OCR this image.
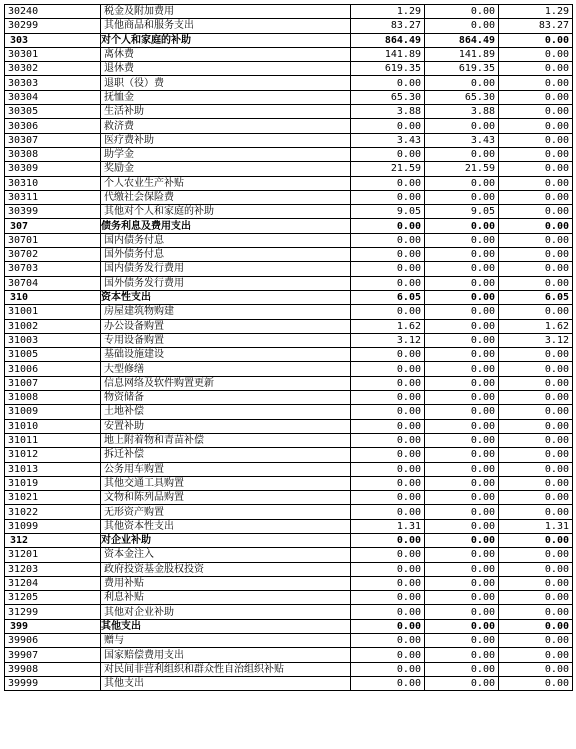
30240	税金及附加费用	1.29	0.00	1.29
30299	其他商品和服务支出	83.27	0.00	83.27
303	对个人和家庭的补助	864.49	864.49	0.00
30301	离休费	141.89	141.89	0.00
30302	退休费	619.35	619.35	0.00
30303	退职（役）费	0.00	0.00	0.00
30304	抚恤金	65.30	65.30	0.00
30305	生活补助	3.88	3.88	0.00
30306	救济费	0.00	0.00	0.00
30307	医疗费补助	3.43	3.43	0.00
30308	助学金	0.00	0.00	0.00
30309	奖励金	21.59	21.59	0.00
30310	个人农业生产补贴	0.00	0.00	0.00
30311	代缴社会保险费	0.00	0.00	0.00
30399	其他对个人和家庭的补助	9.05	9.05	0.00
307	债务利息及费用支出	0.00	0.00	0.00
30701	国内债务付息	0.00	0.00	0.00
30702	国外债务付息	0.00	0.00	0.00
30703	国内债务发行费用	0.00	0.00	0.00
30704	国外债务发行费用	0.00	0.00	0.00
310	资本性支出	6.05	0.00	6.05
31001	房屋建筑物购建	0.00	0.00	0.00
31002	办公设备购置	1.62	0.00	1.62
31003	专用设备购置	3.12	0.00	3.12
31005	基础设施建设	0.00	0.00	0.00
31006	大型修缮	0.00	0.00	0.00
31007	信息网络及软件购置更新	0.00	0.00	0.00
31008	物资储备	0.00	0.00	0.00
31009	土地补偿	0.00	0.00	0.00
31010	安置补助	0.00	0.00	0.00
31011	地上附着物和青苗补偿	0.00	0.00	0.00
31012	拆迁补偿	0.00	0.00	0.00
31013	公务用车购置	0.00	0.00	0.00
31019	其他交通工具购置	0.00	0.00	0.00
31021	文物和陈列品购置	0.00	0.00	0.00
31022	无形资产购置	0.00	0.00	0.00
31099	其他资本性支出	1.31	0.00	1.31
312	对企业补助	0.00	0.00	0.00
31201	资本金注入	0.00	0.00	0.00
31203	政府投资基金股权投资	0.00	0.00	0.00
31204	费用补贴	0.00	0.00	0.00
31205	利息补贴	0.00	0.00	0.00
31299	其他对企业补助	0.00	0.00	0.00
399	其他支出	0.00	0.00	0.00
39906	赠与	0.00	0.00	0.00
39907	国家赔偿费用支出	0.00	0.00	0.00
39908	对民间非营利组织和群众性自治组织补贴	0.00	0.00	0.00
39999	其他支出	0.00	0.00	0.00
